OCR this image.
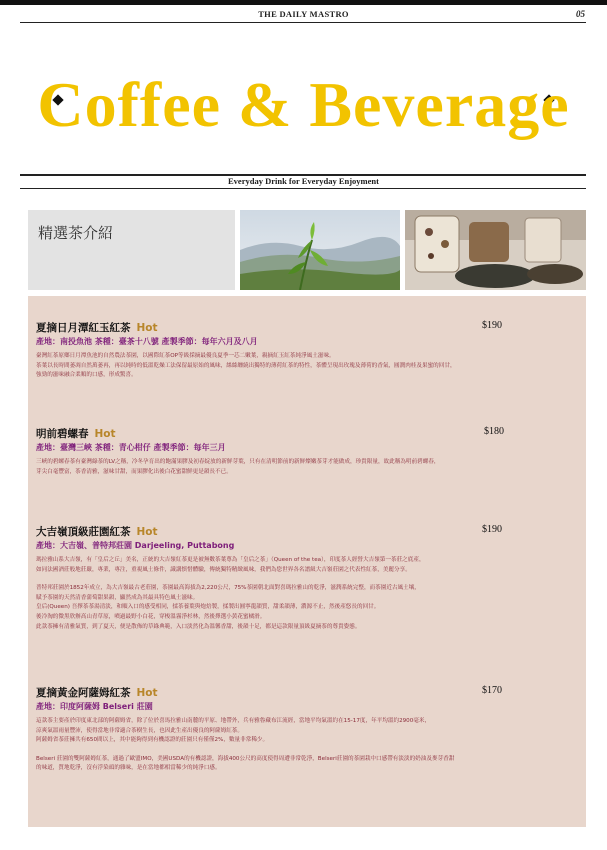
THE DAILY MASTRO	05
Coffee & Beverage
Everyday Drink for Everyday Enjoyment
精選茶介紹
夏摘日月潭紅玉紅茶 Hot	$190
產地：南投魚池 茶種：臺茶十八號 產製季節：每年六月及八月

臺灣紅茶原鄉日月潭魚池的自然農法茶園，以國際紅茶OP等級採摘最優良夏季一芯二嫩葉，親摘紅玉紅茶純淨風土滋味。

茶葉以長時間萎凋自然萬萎再，再以純時的低溫乾燥工法保留最原始的風味，絲絲纏繞出獨特的薄荷紅茶的特性，茶體呈現出玫瑰及薄荷的香氣，圓潤肉桂及果蜜的回甘，

強勁的滋味融合柔順的口感，形成驚喜。

明前碧螺春 Hot	$180
產地：臺灣三峽 茶種：青心柑仔 產製季節：每年三月

三峽的碧螺春茶有臺灣綠茶的LV之稱，冷冬孕育出的飽滿果膠及初春綻放的新鮮芽葉，只有在清明節前的新鮮燦嫩茶芽才能做成，珍貴限量，故此稱為明前碧螺春，

芽尖白毫豐富，茶香清雅，滋味甘甜，而果膠化出後白花蜜甜鮮更是韻長不已。

大吉嶺頂級莊園紅茶 Hot	$190
產地：大吉嶺、普特邦莊園 Darjeeling, Puttabong

瑪拉雅山系大吉嶺，有「皇后之丘」美名，正統的大吉嶺紅茶更是被無數茶葉尊為「皇后之茶」（Queen of the tea），印度茶人經營大吉嶺第一茶莊之底產，

如同法國酒莊般地莊嚴，專業，專注，重視風土條件，識講慎惜體驗，傳統獨特精緻風味，我們為您世界各名譜級大吉嶺莊園之代表性紅茶，美麗分享。

普特邦莊園於1852年成立，為大吉嶺最古老莊園，茶園最高海拔為2,220公尺，75%茶園朝北面對喜瑪拉雅山的乾淨，滋潤系統完整，而茶園近古風土壤，

賦予茶園的天然清香蒲萄甜果韻，顯然成為其最具特色風土滋味。

皇后(Queen) 吾擇茶茶湯清淡，和順入口的感受相同，揉茶養葉與炮焙製，揉製出圓寧龍韻質，甜柔韻薄，濃源不止，然後產悠長的回甘。

後冷淘的微黑欣辦高山青草原，噴過最野小白花，穿梭溫霧淨杉林，然後擇選小黃花蜜橘滑。

此款茶擁有清雅氣質，到了夏天，便是散佈的草綠典範，入口淡然化為溫馨香甜，後韻十足，都是這款限量頂級夏摘茶的尊貴姿態。

夏摘黃金阿薩姆紅茶 Hot	$170
產地：印度阿薩姆 Belseri 莊園

這款茶主要產於印度東北部的阿薩姆省，除了位於喜馬拉雅山南麓的平原、地帶外，兵有雅魯藏布江流經，當地平均氣溫約在15-17度，年平均溫約2900毫米，

涼爽氣溫雨量豐沛，使得當地非常適合茶樹生長，也因此生產出優良的阿薩姆紅茶。

阿薩姆省茶莊擁共有650間以上，其中能夠得到有機認證的莊園只有僅僅2%，數量非常稀少。

Belseri 莊園的雙阿薩姆紅茶，通過了歐盟IMO，美國USDA的有機認證，海拔400公尺的高度使得周遭非常乾淨，Belseri莊園的茶園栽中口感帶有淡淡的奶油及麥芽香甜

的味道，質地乾淨，沒有浮染頭的雜味，是在當地都相當稀少的純淨口感。
